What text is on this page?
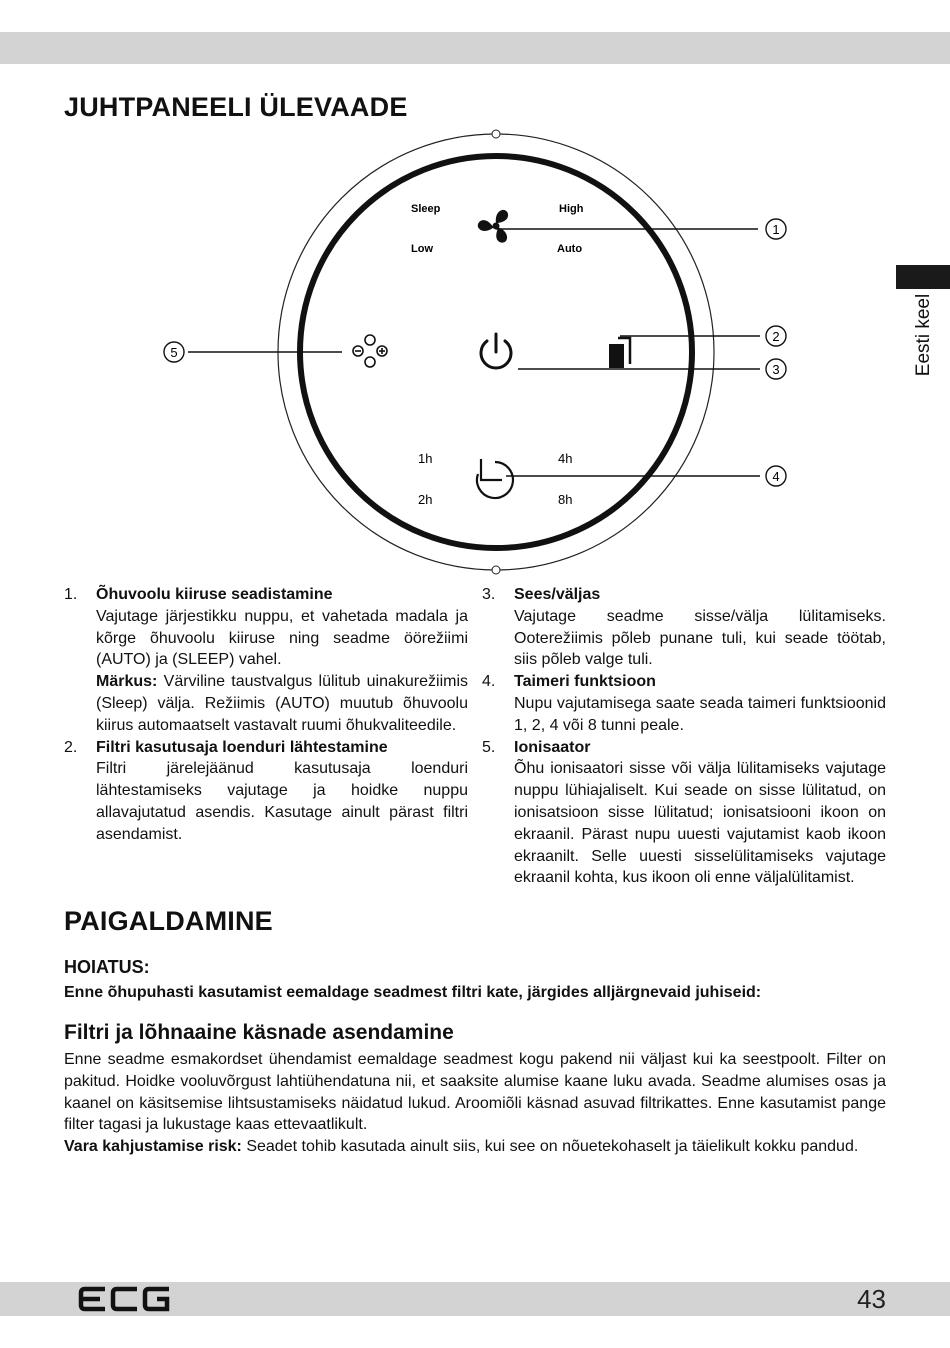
JUHTPANEELI ÜLEVAADE
Eesti keel
Sleep	High
Low	Auto
1h	4h
2h	8h
1
2
3
4
5
1. Õhuvoolu kiiruse seadistamine

Vajutage järjestikku nuppu, et vahetada madala ja kõrge õhuvoolu kiiruse ning seadme öörežiimi (AUTO) ja (SLEEP) vahel.

Märkus: Värviline taustvalgus lülitub uinakurežiimis (Sleep) välja. Režiimis (AUTO) muutub õhuvoolu kiirus automaatselt vastavalt ruumi õhukvaliteedile.

2. Filtri kasutusaja loenduri lähtestamine

Filtri järelejäänud kasutusaja loenduri lähtestamiseks vajutage ja hoidke nuppu allavajutatud asendis. Kasutage ainult pärast filtri asendamist.

3. Sees/väljas

Vajutage seadme sisse/välja lülitamiseks. Ooterežiimis põleb punane tuli, kui seade töötab, siis põleb valge tuli.

4. Taimeri funktsioon

Nupu vajutamisega saate seada taimeri funktsioonid 1, 2, 4 või 8 tunni peale.

5. Ionisaator

Õhu ionisaatori sisse või välja lülitamiseks vajutage nuppu lühiajaliselt. Kui seade on sisse lülitatud, on ionisatsioon sisse lülitatud; ionisatsiooni ikoon on ekraanil. Pärast nupu uuesti vajutamist kaob ikoon ekraanilt. Selle uuesti sisselülitamiseks vajutage ekraanil kohta, kus ikoon oli enne väljalülitamist.

PAIGALDAMINE
HOIATUS:
Enne õhupuhasti kasutamist eemaldage seadmest filtri kate, järgides alljärgnevaid juhiseid:
Filtri ja lõhnaaine käsnade asendamine

Enne seadme esmakordset ühendamist eemaldage seadmest kogu pakend nii väljast kui ka seestpoolt. Filter on pakitud. Hoidke vooluvõrgust lahtiühendatuna nii, et saaksite alumise kaane luku avada. Seadme alumises osas ja kaanel on käsitsemise lihtsustamiseks näidatud lukud. Aroomiõli käsnad asuvad filtrikattes. Enne kasutamist pange filter tagasi ja lukustage kaas ettevaatlikult.

Vara kahjustamise risk: Seadet tohib kasutada ainult siis, kui see on nõuetekohaselt ja täielikult kokku pandud.

43
